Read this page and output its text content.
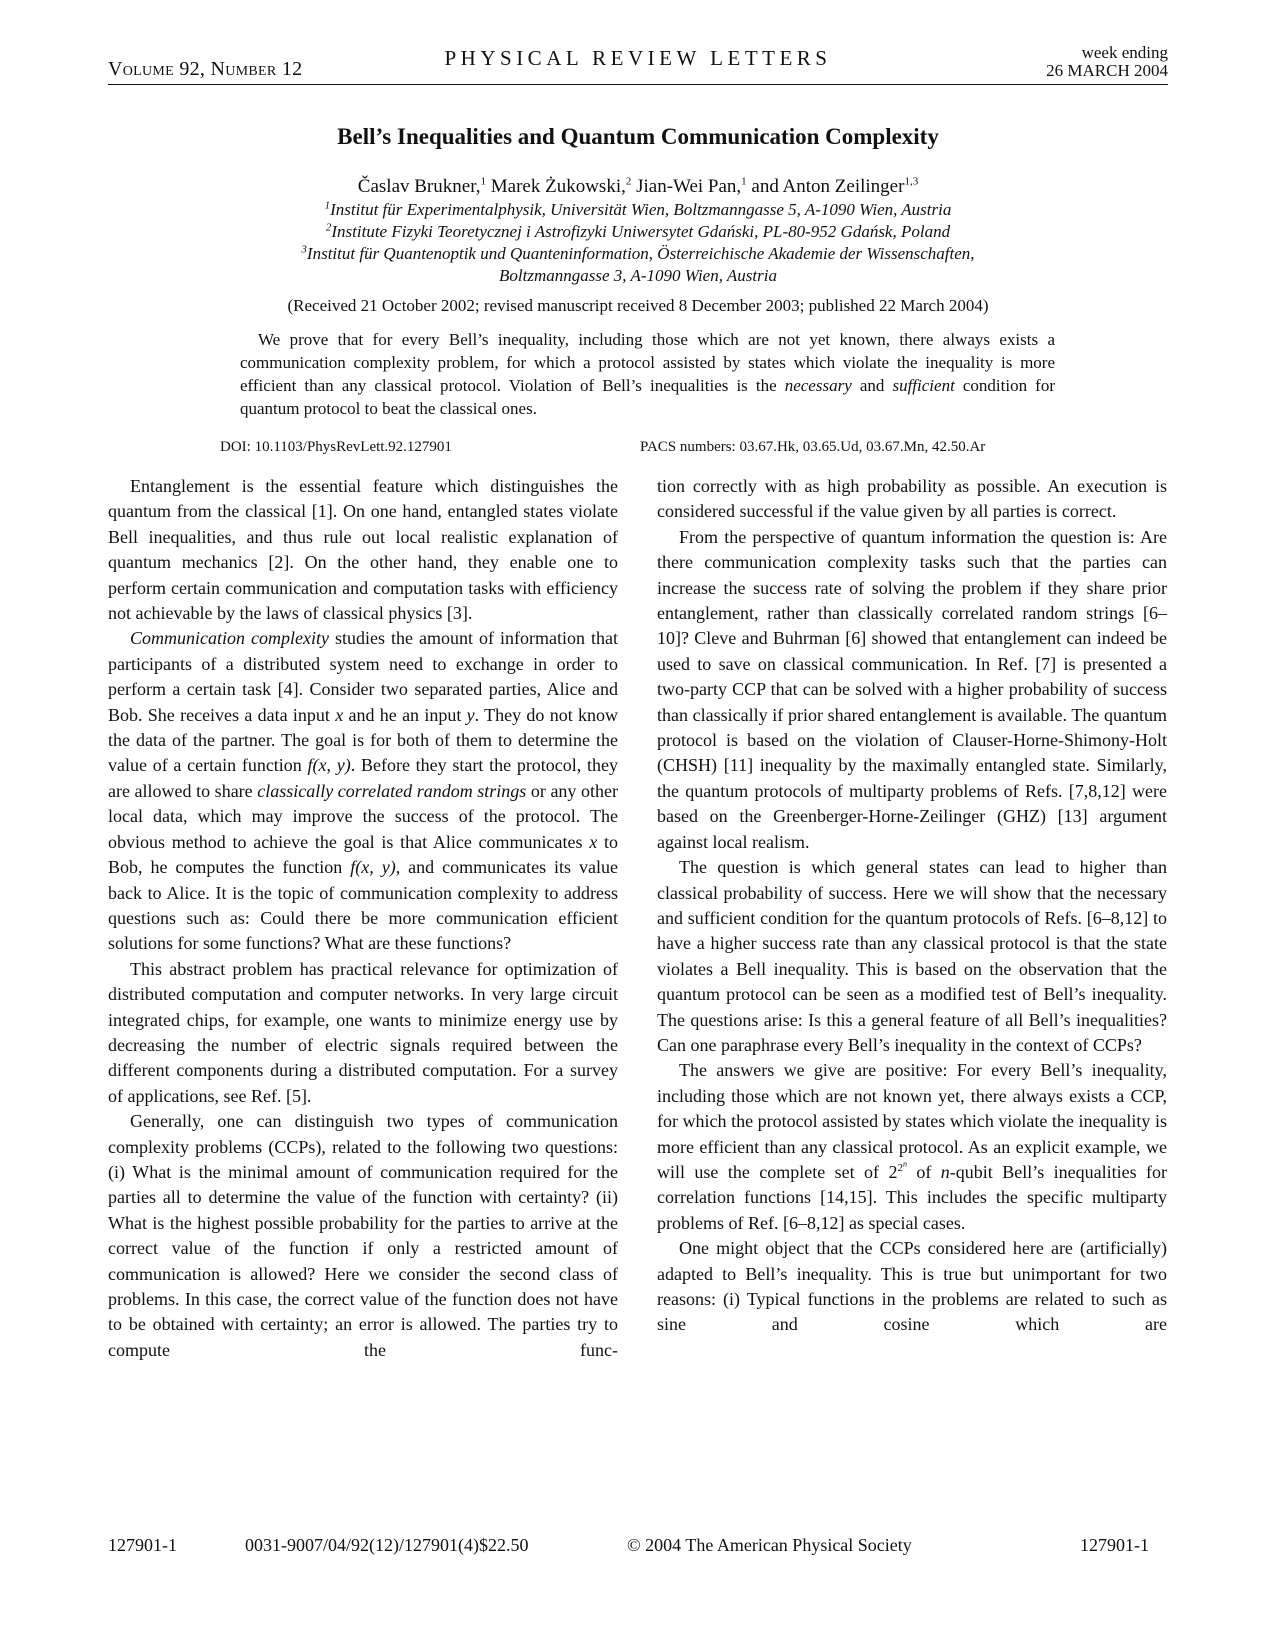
Volume 92, Number 12	PHYSICAL REVIEW LETTERS	week ending
26 MARCH 2004
Bell’s Inequalities and Quantum Communication Complexity
Časlav Brukner,$^1$ Marek Żukowski,$^2$ Jian-Wei Pan,$^1$ and Anton Zeilinger$^{1,3}$
$^1$Institut für Experimentalphysik, Universität Wien, Boltzmanngasse 5, A-1090 Wien, Austria
$^2$Institute Fizyki Teoretycznej i Astrofizyki Uniwersytet Gdański, PL-80-952 Gdańsk, Poland
$^3$Institut für Quantenoptik und Quanteninformation, Österreichische Akademie der Wissenschaften,
Boltzmanngasse 3, A-1090 Wien, Austria
(Received 21 October 2002; revised manuscript received 8 December 2003; published 22 March 2004)
We prove that for every Bell’s inequality, including those which are not yet known, there always exists a communication complexity problem, for which a protocol assisted by states which violate the inequality is more efficient than any classical protocol. Violation of Bell’s inequalities is the necessary and sufficient condition for quantum protocol to beat the classical ones.
DOI: 10.1103/PhysRevLett.92.127901	PACS numbers: 03.67.Hk, 03.65.Ud, 03.67.Mn, 42.50.Ar

Entanglement is the essential feature which distinguishes the quantum from the classical [1]. On one hand, entangled states violate Bell inequalities, and thus rule out local realistic explanation of quantum mechanics [2]. On the other hand, they enable one to perform certain communication and computation tasks with efficiency not achievable by the laws of classical physics [3].

Communication complexity studies the amount of information that participants of a distributed system need to exchange in order to perform a certain task [4]. Consider two separated parties, Alice and Bob. She receives a data input x and he an input y. They do not know the data of the partner. The goal is for both of them to determine the value of a certain function f(x, y). Before they start the protocol, they are allowed to share classically correlated random strings or any other local data, which may improve the success of the protocol. The obvious method to achieve the goal is that Alice communicates x to Bob, he computes the function f(x, y), and communicates its value back to Alice. It is the topic of communication complexity to address questions such as: Could there be more communication efficient solutions for some functions? What are these functions?

This abstract problem has practical relevance for optimization of distributed computation and computer networks. In very large circuit integrated chips, for example, one wants to minimize energy use by decreasing the number of electric signals required between the different components during a distributed computation. For a survey of applications, see Ref. [5].

Generally, one can distinguish two types of communication complexity problems (CCPs), related to the following two questions: (i) What is the minimal amount of communication required for the parties all to determine the value of the function with certainty? (ii) What is the highest possible probability for the parties to arrive at the correct value of the function if only a restricted amount of communication is allowed? Here we consider the second class of problems. In this case, the correct value of the function does not have to be obtained with certainty; an error is allowed. The parties try to compute the func-

tion correctly with as high probability as possible. An execution is considered successful if the value given by all parties is correct.

From the perspective of quantum information the question is: Are there communication complexity tasks such that the parties can increase the success rate of solving the problem if they share prior entanglement, rather than classically correlated random strings [6–10]? Cleve and Buhrman [6] showed that entanglement can indeed be used to save on classical communication. In Ref. [7] is presented a two-party CCP that can be solved with a higher probability of success than classically if prior shared entanglement is available. The quantum protocol is based on the violation of Clauser-Horne-Shimony-Holt (CHSH) [11] inequality by the maximally entangled state. Similarly, the quantum protocols of multiparty problems of Refs. [7,8,12] were based on the Greenberger-Horne-Zeilinger (GHZ) [13] argument against local realism.

The question is which general states can lead to higher than classical probability of success. Here we will show that the necessary and sufficient condition for the quantum protocols of Refs. [6–8,12] to have a higher success rate than any classical protocol is that the state violates a Bell inequality. This is based on the observation that the quantum protocol can be seen as a modified test of Bell’s inequality. The questions arise: Is this a general feature of all Bell’s inequalities? Can one paraphrase every Bell’s inequality in the context of CCPs?

The answers we give are positive: For every Bell’s inequality, including those which are not known yet, there always exists a CCP, for which the protocol assisted by states which violate the inequality is more efficient than any classical protocol. As an explicit example, we will use the complete set of $2^{2^n}$ of n-qubit Bell’s inequalities for correlation functions [14,15]. This includes the specific multiparty problems of Ref. [6–8,12] as special cases.

One might object that the CCPs considered here are (artificially) adapted to Bell’s inequality. This is true but unimportant for two reasons: (i) Typical functions in the problems are related to such as sine and cosine which are

127901-1	0031-9007/04/92(12)/127901(4)$22.50	© 2004 The American Physical Society	127901-1
